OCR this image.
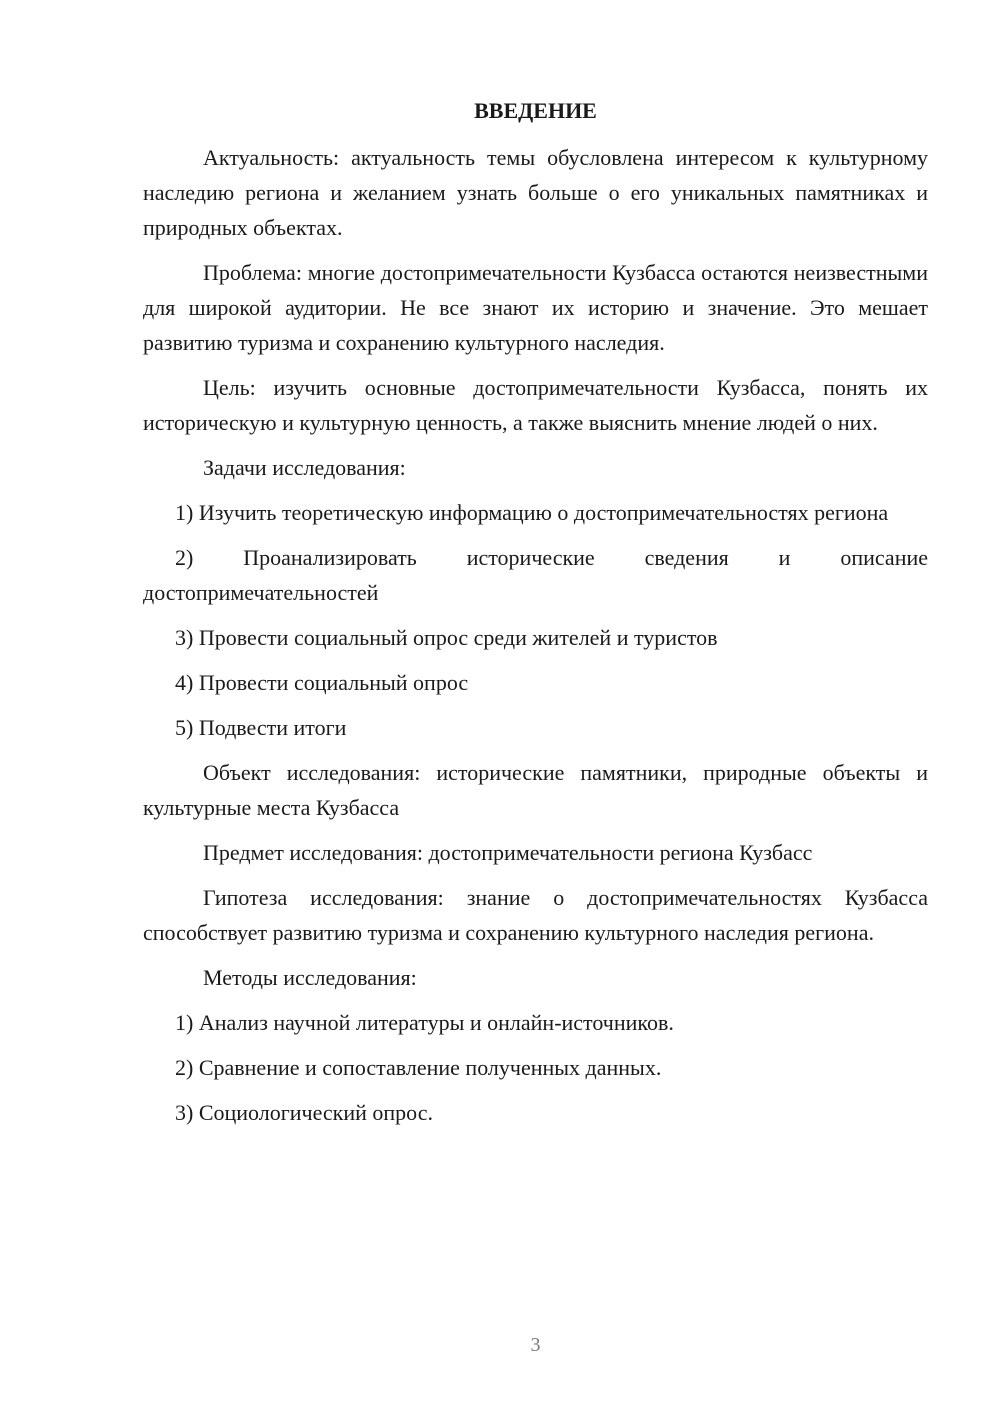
ВВЕДЕНИЕ

Актуальность: актуальность темы обусловлена интересом к культурному наследию региона и желанием узнать больше о его уникальных памятниках и природных объектах.

Проблема: многие достопримечательности Кузбасса остаются неизвестными для широкой аудитории. Не все знают их историю и значение. Это мешает развитию туризма и сохранению культурного наследия.

Цель: изучить основные достопримечательности Кузбасса, понять их историческую и культурную ценность, а также выяснить мнение людей о них.

Задачи исследования:

1) Изучить теоретическую информацию о достопримечательностях региона

2) Проанализировать исторические сведения и описание достопримечательностей

3) Провести социальный опрос среди жителей и туристов

4) Провести социальный опрос

5) Подвести итоги

Объект исследования: исторические памятники, природные объекты и культурные места Кузбасса

Предмет исследования: достопримечательности региона Кузбасс

Гипотеза исследования: знание о достопримечательностях Кузбасса способствует развитию туризма и сохранению культурного наследия региона.

Методы исследования:

1) Анализ научной литературы и онлайн-источников.

2) Сравнение и сопоставление полученных данных.

3) Социологический опрос.

3
